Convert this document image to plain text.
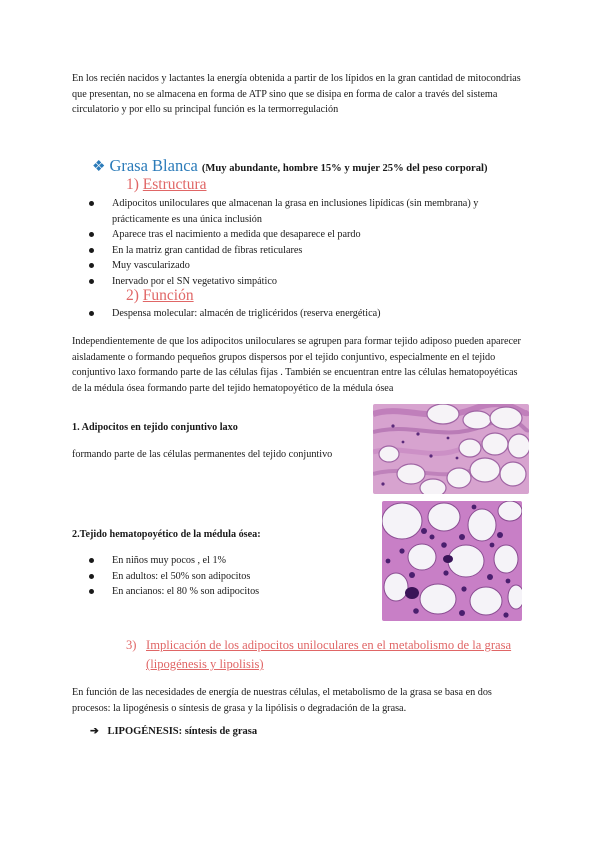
En los recién nacidos y lactantes la energía obtenida a partir de los lípidos en la gran cantidad de mitocondrias que presentan, no se almacena en forma de ATP sino que se disipa en forma de calor a través del sistema circulatorio y por ello su principal función es la termorregulación

❖ Grasa Blanca (Muy abundante, hombre 15% y mujer 25% del peso corporal)
1) Estructura
Adipocitos uniloculares que almacenan la grasa en inclusiones lipídicas (sin membrana) y prácticamente es una única inclusión
Aparece tras el nacimiento a medida que desaparece el pardo
En la matriz gran cantidad de fibras reticulares
Muy vascularizado
Inervado por el SN vegetativo simpático
2) Función
Despensa molecular: almacén de triglicéridos (reserva energética)

Independientemente de que los adipocitos uniloculares se agrupen para formar tejido adiposo pueden aparecer aisladamente o formando pequeños grupos dispersos por el tejido conjuntivo, especialmente en el tejido conjuntivo laxo formando parte de las células fijas . También se encuentran entre las células hematopoyéticas de la médula ósea formando parte del tejido hematopoyético de la médula ósea

1. Adipocitos en tejido conjuntivo laxo
formando parte de las células permanentes del tejido conjuntivo
2.Tejido hematopoyético de la médula ósea:
En niños muy pocos , el 1%
En adultos: el 50% son adipocitos
En ancianos: el 80 % son adipocitos
3) Implicación de los adipocitos uniloculares en el metabolismo de la grasa (lipogénesis y lipolisis)

En función de las necesidades de energía de nuestras células, el metabolismo de la grasa se basa en dos procesos: la lipogénesis o síntesis de grasa y la lipólisis o degradación de la grasa.

➔ LIPOGÉNESIS: síntesis de grasa
